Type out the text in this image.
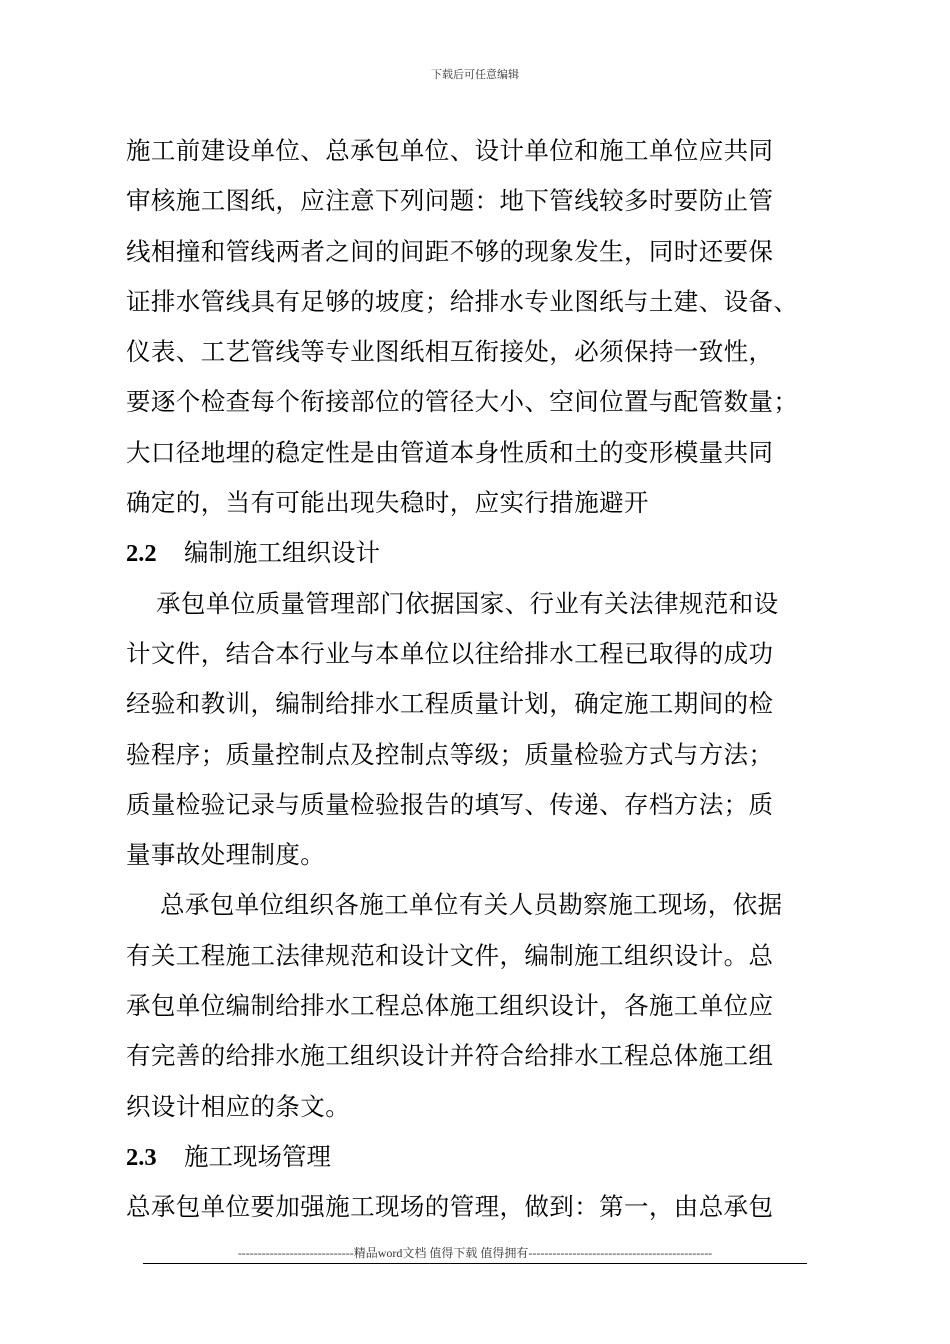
下载后可任意编辑
施工前建设单位、总承包单位、设计单位和施工单位应共同
审核施工图纸，应注意下列问题：地下管线较多时要防止管
线相撞和管线两者之间的间距不够的现象发生，同时还要保
证排水管线具有足够的坡度；给排水专业图纸与土建、设备、
仪表、工艺管线等专业图纸相互衔接处，必须保持一致性，
要逐个检查每个衔接部位的管径大小、空间位置与配管数量；
大口径地埋的稳定性是由管道本身性质和土的变形模量共同
确定的，当有可能出现失稳时，应实行措施避开
2.2 编制施工组织设计
承包单位质量管理部门依据国家、行业有关法律规范和设
计文件，结合本行业与本单位以往给排水工程已取得的成功
经验和教训，编制给排水工程质量计划，确定施工期间的检
验程序；质量控制点及控制点等级；质量检验方式与方法；
质量检验记录与质量检验报告的填写、传递、存档方法；质
量事故处理制度。
总承包单位组织各施工单位有关人员勘察施工现场，依据
有关工程施工法律规范和设计文件，编制施工组织设计。总
承包单位编制给排水工程总体施工组织设计，各施工单位应
有完善的给排水施工组织设计并符合给排水工程总体施工组
织设计相应的条文。
2.3 施工现场管理
总承包单位要加强施工现场的管理，做到：第一，由总承包
-----------------------------精品word文档 值得下载 值得拥有----------------------------------------------
